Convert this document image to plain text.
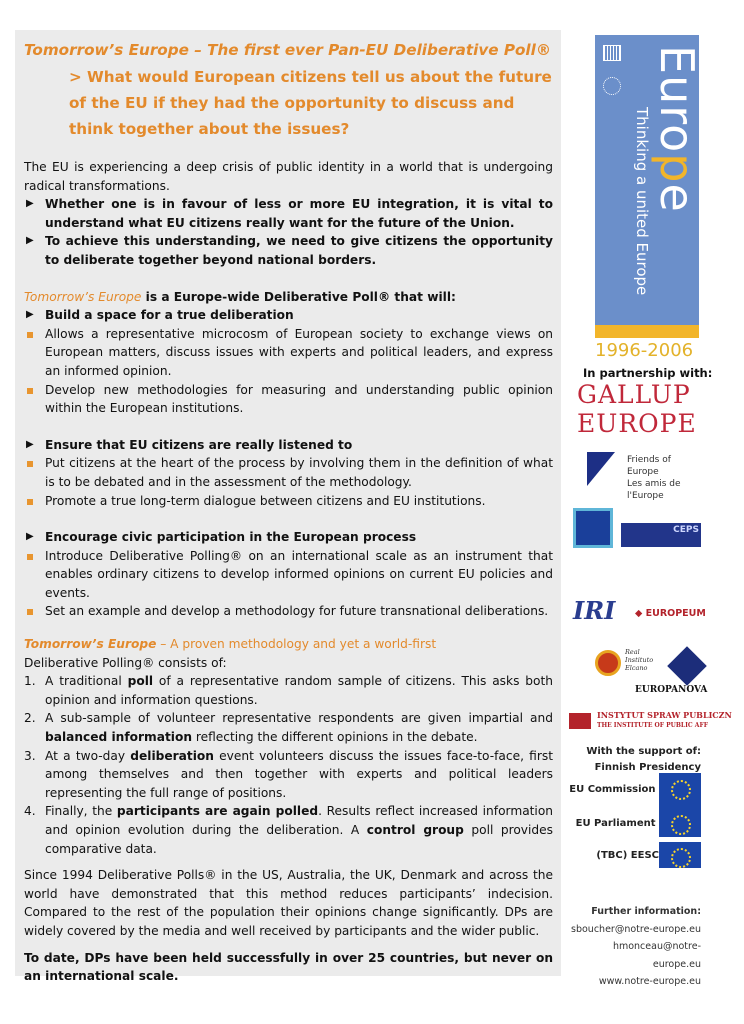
Tomorrow’s Europe – The first ever Pan-EU Deliberative Poll®
> What would European citizens tell us about the future of the EU if they had the opportunity to discuss and think together about the issues?

The EU is experiencing a deep crisis of public identity in a world that is undergoing radical transformations.

▶ Whether one is in favour of less or more EU integration, it is vital to understand what EU citizens really want for the future of the Union.
▶ To achieve this understanding, we need to give citizens the opportunity to deliberate together beyond national borders.
Tomorrow’s Europe is a Europe-wide Deliberative Poll® that will:
▶ Build a space for a true deliberation
Allows a representative microcosm of European society to exchange views on European matters, discuss issues with experts and political leaders, and express an informed opinion.
Develop new methodologies for measuring and understanding public opinion within the European institutions.
▶ Ensure that EU citizens are really listened to
Put citizens at the heart of the process by involving them in the definition of what is to be debated and in the assessment of the methodology.
Promote a true long-term dialogue between citizens and EU institutions.
▶ Encourage civic participation in the European process
Introduce Deliberative Polling® on an international scale as an instrument that enables ordinary citizens to develop informed opinions on current EU policies and events.
Set an example and develop a methodology for future transnational deliberations.
Tomorrow’s Europe – A proven methodology and yet a world-first
Deliberative Polling® consists of:
1. A traditional poll of a representative random sample of citizens. This asks both opinion and information questions.
2. A sub-sample of volunteer representative respondents are given impartial and balanced information reflecting the different opinions in the debate.
3. At a two-day deliberation event volunteers discuss the issues face-to-face, first among themselves and then together with experts and political leaders representing the full range of positions.
4. Finally, the participants are again polled. Results reflect increased information and opinion evolution during the deliberation. A control group poll provides comparative data.

Since 1994 Deliberative Polls® in the US, Australia, the UK, Denmark and across the world have demonstrated that this method reduces participants’ indecision. Compared to the rest of the population their opinions change significantly. DPs are widely covered by the media and well received by participants and the wider public.

To date, DPs have been held successfully in over 25 countries, but never on an international scale.

Notre Europe
Thinking a united Europe
1996-2006
In partnership with:
GALLUP
EUROPE
Friends of Europe
Les amis de l'Europe
CEPS
IRI ◆ EUROPEUM
Real Instituto Elcano
EUROPANOVA
INSTYTUT SPRAW PUBLICZN
THE INSTITUTE OF PUBLIC AFF
With the support of:
Finnish Presidency
EU Commission
EU Parliament
(TBC) EESC
Further information:
sboucher@notre-europe.eu
hmonceau@notre-europe.eu
www.notre-europe.eu
